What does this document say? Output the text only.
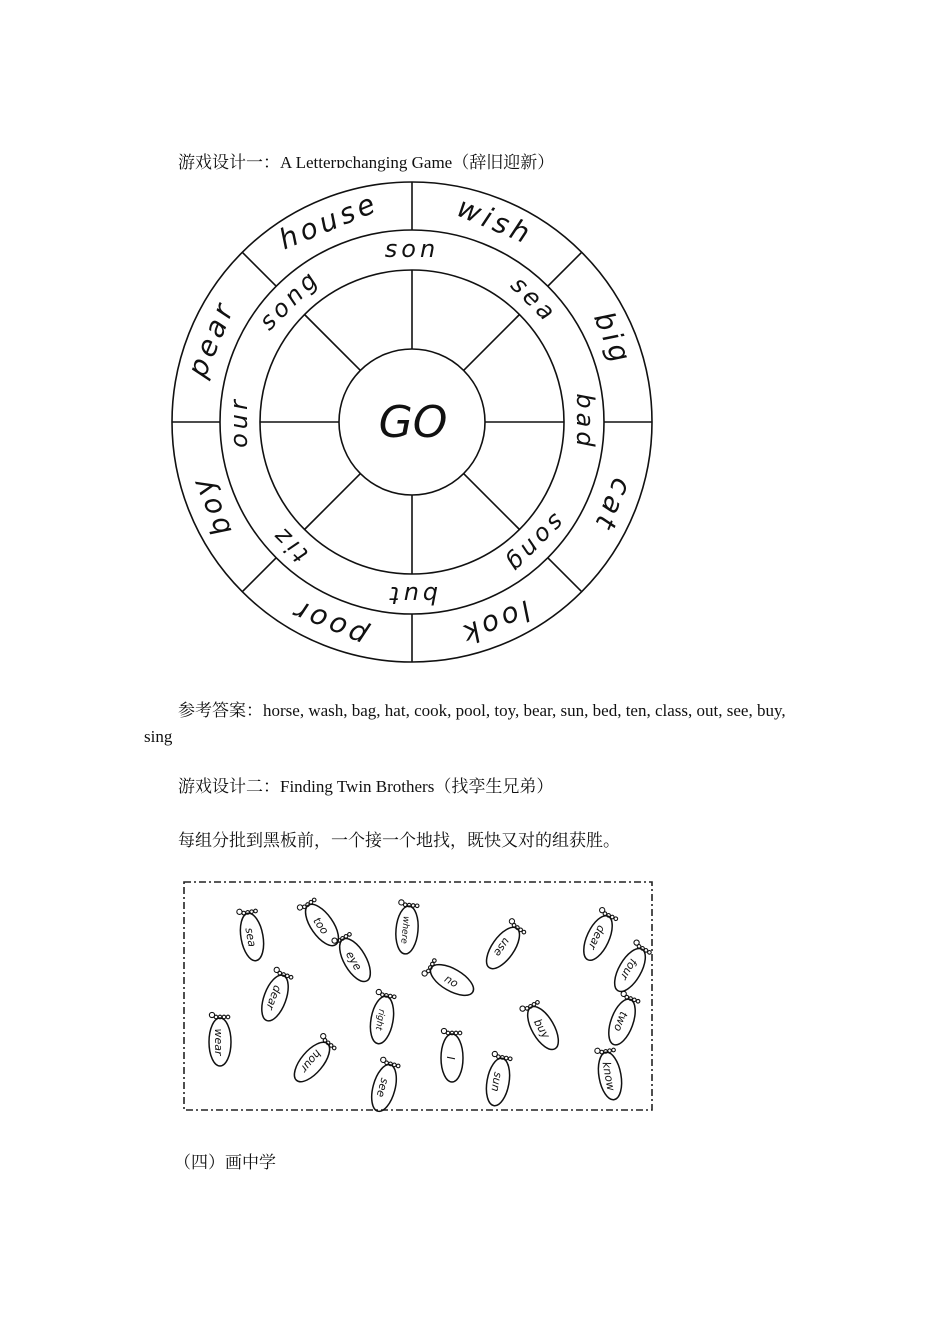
游戏设计一：A Letterɒchanging Game（辞旧迎新）
GO
house wish
big
cat
look
poor
boy
pear
son
sea
bad
song
but
tiz
our
song
参考答案：horse, wash, bag, hat, cook, pool, toy, bear, sun, bed, ten, class, out, see, buy, sing
游戏设计二：Finding Twin Brothers（找孪生兄弟）
每组分批到黑板前，一个接一个地找，既快又对的组获胜。
sea
too	where
use
dear
eye
no	four
dear
right
wear
hour	I
buy	two
see	sun	know
（四）画中学
